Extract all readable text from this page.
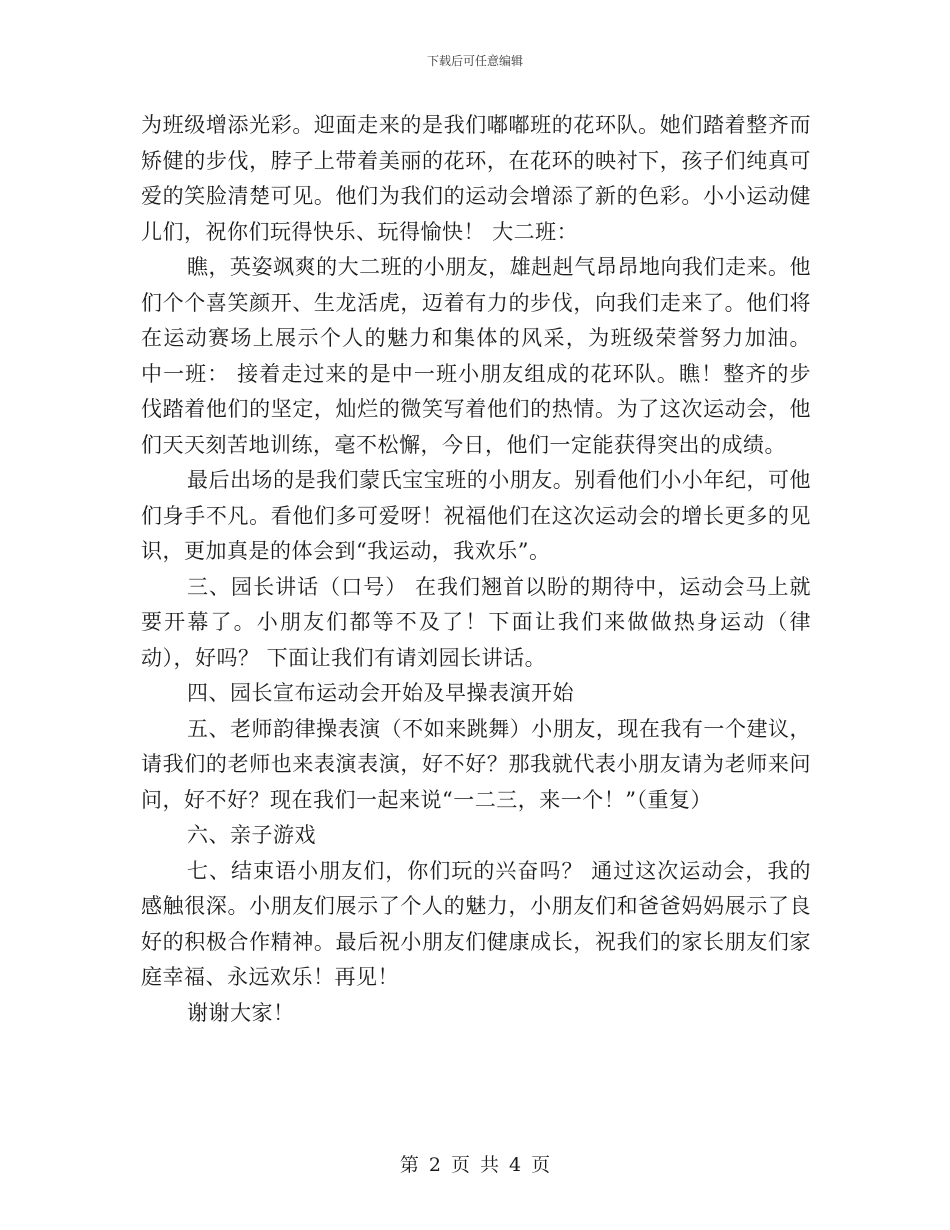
下载后可任意编辑

为班级增添光彩。迎面走来的是我们嘟嘟班的花环队。她们踏着整齐而矫健的步伐，脖子上带着美丽的花环，在花环的映衬下，孩子们纯真可爱的笑脸清楚可见。他们为我们的运动会增添了新的色彩。小小运动健儿们，祝你们玩得快乐、玩得愉快！ 大二班：

瞧，英姿飒爽的大二班的小朋友，雄赳赳气昂昂地向我们走来。他们个个喜笑颜开、生龙活虎，迈着有力的步伐，向我们走来了。他们将在运动赛场上展示个人的魅力和集体的风采，为班级荣誉努力加油。 中一班： 接着走过来的是中一班小朋友组成的花环队。瞧！整齐的步伐踏着他们的坚定，灿烂的微笑写着他们的热情。为了这次运动会，他们天天刻苦地训练，毫不松懈，今日，他们一定能获得突出的成绩。

最后出场的是我们蒙氏宝宝班的小朋友。别看他们小小年纪，可他们身手不凡。看他们多可爱呀！祝福他们在这次运动会的增长更多的见识，更加真是的体会到“我运动，我欢乐”。

三、园长讲话（口号） 在我们翘首以盼的期待中，运动会马上就要开幕了。小朋友们都等不及了！下面让我们来做做热身运动（律动），好吗？ 下面让我们有请刘园长讲话。

四、园长宣布运动会开始及早操表演开始

五、老师韵律操表演（不如来跳舞）小朋友，现在我有一个建议，请我们的老师也来表演表演，好不好？那我就代表小朋友请为老师来问问，好不好？现在我们一起来说“一二三，来一个！”（重复）

六、亲子游戏

七、结束语小朋友们，你们玩的兴奋吗？ 通过这次运动会，我的感触很深。小朋友们展示了个人的魅力，小朋友们和爸爸妈妈展示了良好的积极合作精神。最后祝小朋友们健康成长，祝我们的家长朋友们家庭幸福、永远欢乐！再见！

谢谢大家！

第 2 页 共 4 页
